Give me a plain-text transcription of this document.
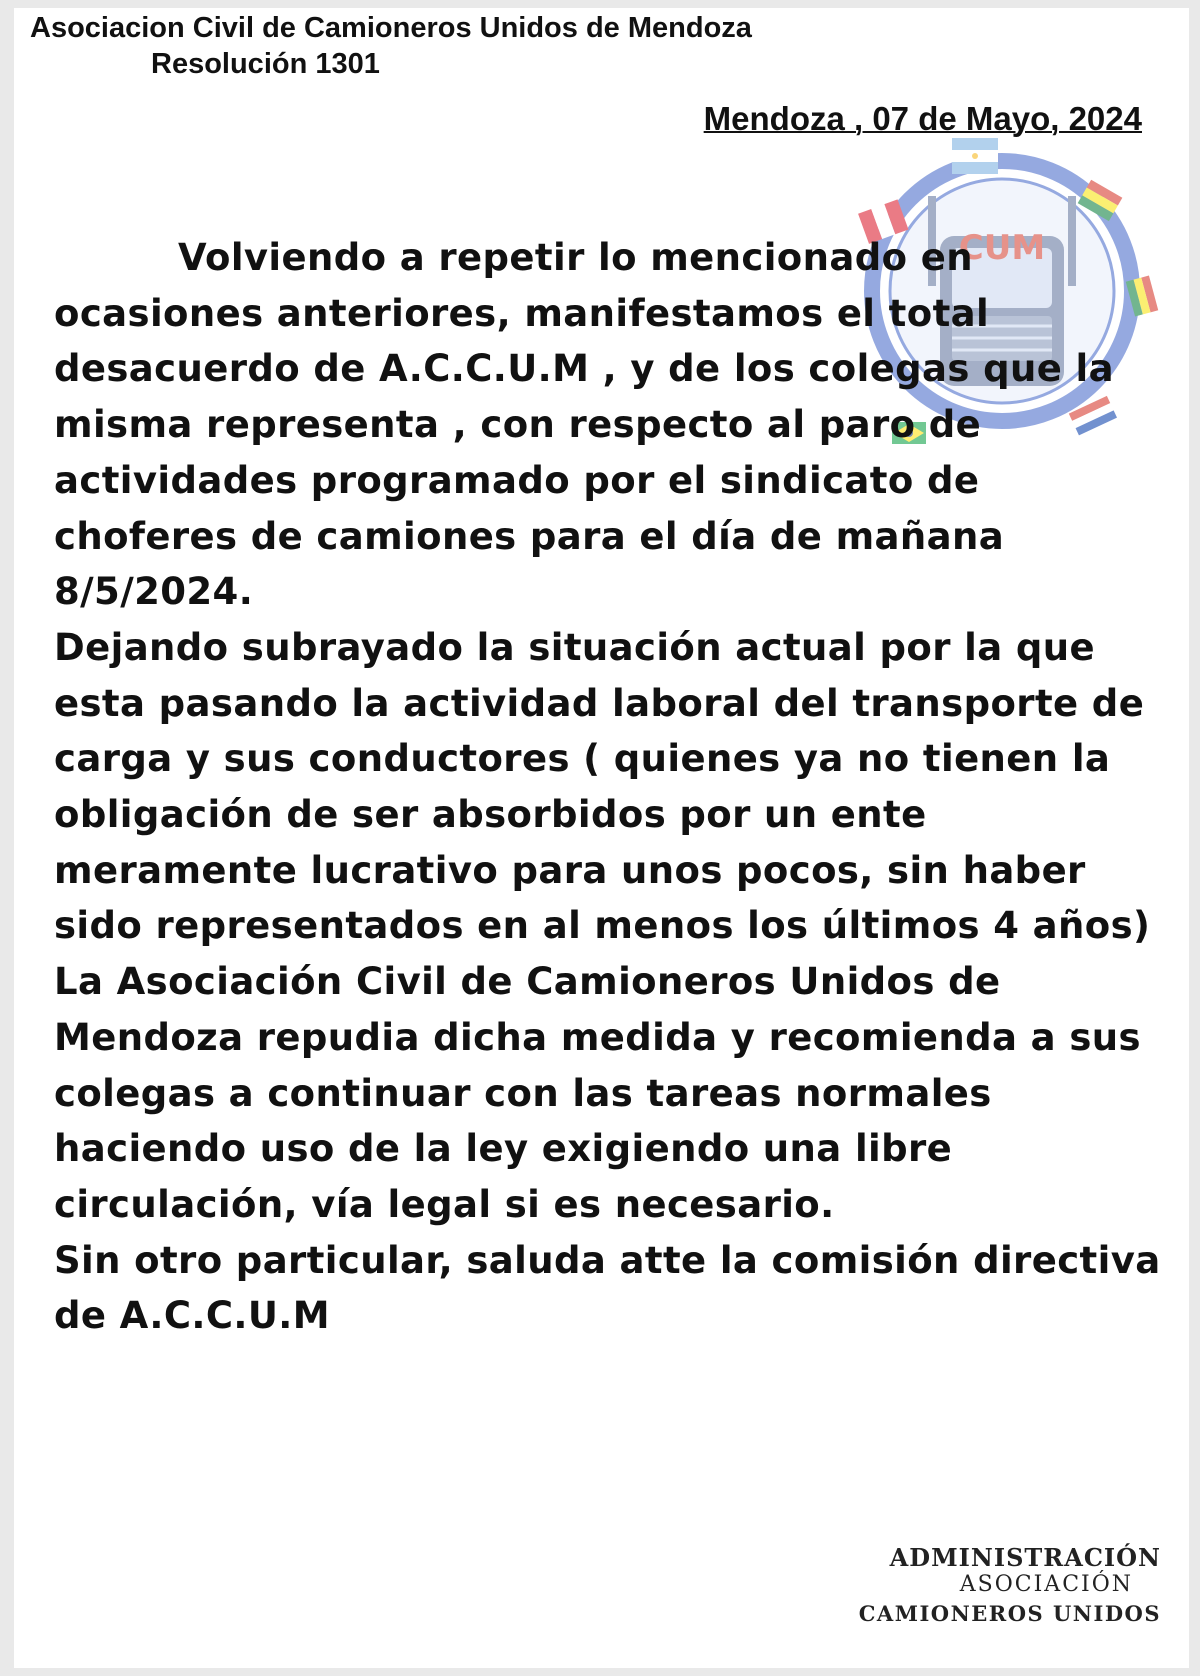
Asociacion Civil de Camioneros Unidos de Mendoza
Resolución 1301
Mendoza , 07 de Mayo, 2024
CUM

Volviendo a repetir lo mencionado en ocasiones anteriores, manifestamos el total desacuerdo de A.C.C.U.M , y de los colegas que la misma representa , con respecto al paro de actividades programado por el sindicato de choferes de camiones para el día de mañana 8/5/2024.

Dejando subrayado la situación actual por la que esta pasando la actividad laboral del transporte de carga y sus conductores ( quienes ya no tienen la obligación de ser absorbidos por un ente meramente lucrativo para unos pocos, sin haber sido representados en al menos los últimos 4 años)

La Asociación Civil de Camioneros Unidos de Mendoza repudia dicha medida y recomienda a sus colegas a continuar con las tareas normales haciendo uso de la ley exigiendo una libre circulación, vía legal si es necesario.

Sin otro particular, saluda atte la comisión directiva de A.C.C.U.M

ADMINISTRACIÓN
ASOCIACIÓN
CAMIONEROS UNIDOS
